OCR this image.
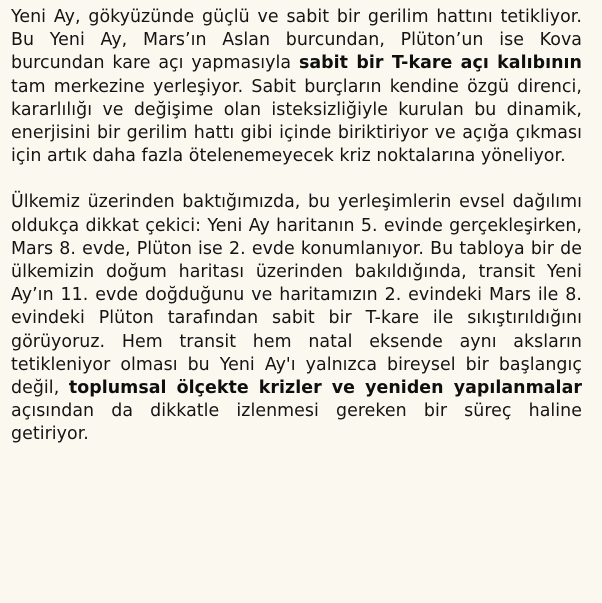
Yeni Ay, gökyüzünde güçlü ve sabit bir gerilim hattını tetikliyor. Bu Yeni Ay, Mars’ın Aslan burcundan, Plüton’un ise Kova burcundan kare açı yapmasıyla sabit bir T-kare açı kalıbının tam merkezine yerleşiyor. Sabit burçların kendine özgü direnci, kararlılığı ve değişime olan isteksizliğiyle kurulan bu dinamik, enerjisini bir gerilim hattı gibi içinde biriktiriyor ve açığa çıkması için artık daha fazla ötelenemeyecek kriz noktalarına yöneliyor.

Ülkemiz üzerinden baktığımızda, bu yerleşimlerin evsel dağılımı oldukça dikkat çekici: Yeni Ay haritanın 5. evinde gerçekleşirken, Mars 8. evde, Plüton ise 2. evde konumlanıyor. Bu tabloya bir de ülkemizin doğum haritası üzerinden bakıldığında, transit Yeni Ay’ın 11. evde doğduğunu ve haritamızın 2. evindeki Mars ile 8. evindeki Plüton tarafından sabit bir T-kare ile sıkıştırıldığını görüyoruz. Hem transit hem natal eksende aynı aksların tetikleniyor olması bu Yeni Ay'ı yalnızca bireysel bir başlangıç değil, toplumsal ölçekte krizler ve yeniden yapılanmalar açısından da dikkatle izlenmesi gereken bir süreç haline getiriyor.
